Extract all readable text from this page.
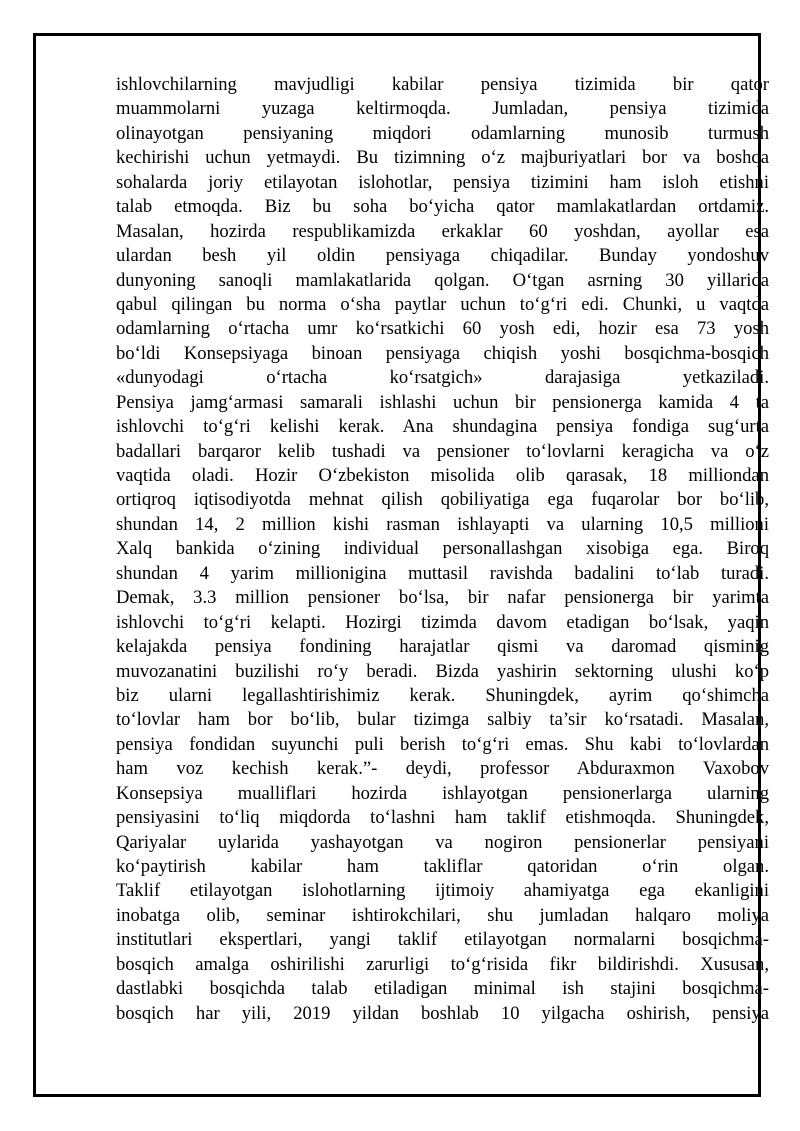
ishlovchilarning mavjudligi kabilar pensiya tizimida bir qator
muammolarni yuzaga keltirmoqda. Jumladan, pensiya tizimida
olinayotgan pensiyaning miqdori odamlarning munosib turmush
kechirishi uchun yetmaydi. Bu tizimning o‘z majburiyatlari bor va boshqa
sohalarda joriy etilayotan islohotlar, pensiya tizimini ham isloh etishni
talab etmoqda. Biz bu soha bo‘yicha qator mamlakatlardan ortdamiz.
Masalan, hozirda respublikamizda erkaklar 60 yoshdan, ayollar esa
ulardan besh yil oldin pensiyaga chiqadilar. Bunday yondoshuv
dunyoning sanoqli mamlakatlarida qolgan. O‘tgan asrning 30 yillarida
qabul qilingan bu norma o‘sha paytlar uchun to‘g‘ri edi. Chunki, u vaqtda
odamlarning o‘rtacha umr ko‘rsatkichi 60 yosh edi, hozir esa 73 yosh
bo‘ldi Konsepsiyaga binoan pensiyaga chiqish yoshi bosqichma-bosqich
«dunyodagi o‘rtacha ko‘rsatgich» darajasiga yetkaziladi.
Pensiya jamg‘armasi samarali ishlashi uchun bir pensionerga kamida 4 ta
ishlovchi to‘g‘ri kelishi kerak. Ana shundagina pensiya fondiga sug‘urta
badallari barqaror kelib tushadi va pensioner to‘lovlarni keragicha va o‘z
vaqtida oladi. Hozir O‘zbekiston misolida olib qarasak, 18 milliondan
ortiqroq iqtisodiyotda mehnat qilish qobiliyatiga ega fuqarolar bor bo‘lib,
shundan 14, 2 million kishi rasman ishlayapti va ularning 10,5 millioni
Xalq bankida o‘zining individual personallashgan xisobiga ega. Biroq
shundan 4 yarim millionigina muttasil ravishda badalini to‘lab turadi.
Demak, 3.3 million pensioner bo‘lsa, bir nafar pensionerga bir yarimta
ishlovchi to‘g‘ri kelapti. Hozirgi tizimda davom etadigan bo‘lsak, yaqin
kelajakda pensiya fondining harajatlar qismi va daromad qisminig
muvozanatini buzilishi ro‘y beradi. Bizda yashirin sektorning ulushi ko‘p
biz ularni legallashtirishimiz kerak. Shuningdek, ayrim qo‘shimcha
to‘lovlar ham bor bo‘lib, bular tizimga salbiy ta’sir ko‘rsatadi. Masalan,
pensiya fondidan suyunchi puli berish to‘g‘ri emas. Shu kabi to‘lovlardan
ham voz kechish kerak.”- deydi, professor Abduraxmon Vaxobov
Konsepsiya mualliflari hozirda ishlayotgan pensionerlarga ularning
pensiyasini to‘liq miqdorda to‘lashni ham taklif etishmoqda. Shuningdek,
Qariyalar uylarida yashayotgan va nogiron pensionerlar pensiyani
ko‘paytirish kabilar ham takliflar qatoridan o‘rin olgan.
Taklif etilayotgan islohotlarning ijtimoiy ahamiyatga ega ekanligini
inobatga olib, seminar ishtirokchilari, shu jumladan halqaro moliya
institutlari ekspertlari, yangi taklif etilayotgan normalarni bosqichma-
bosqich amalga oshirilishi zarurligi to‘g‘risida fikr bildirishdi. Xususan,
dastlabki bosqichda talab etiladigan minimal ish stajini bosqichma-
bosqich har yili, 2019 yildan boshlab 10 yilgacha oshirish, pensiya
